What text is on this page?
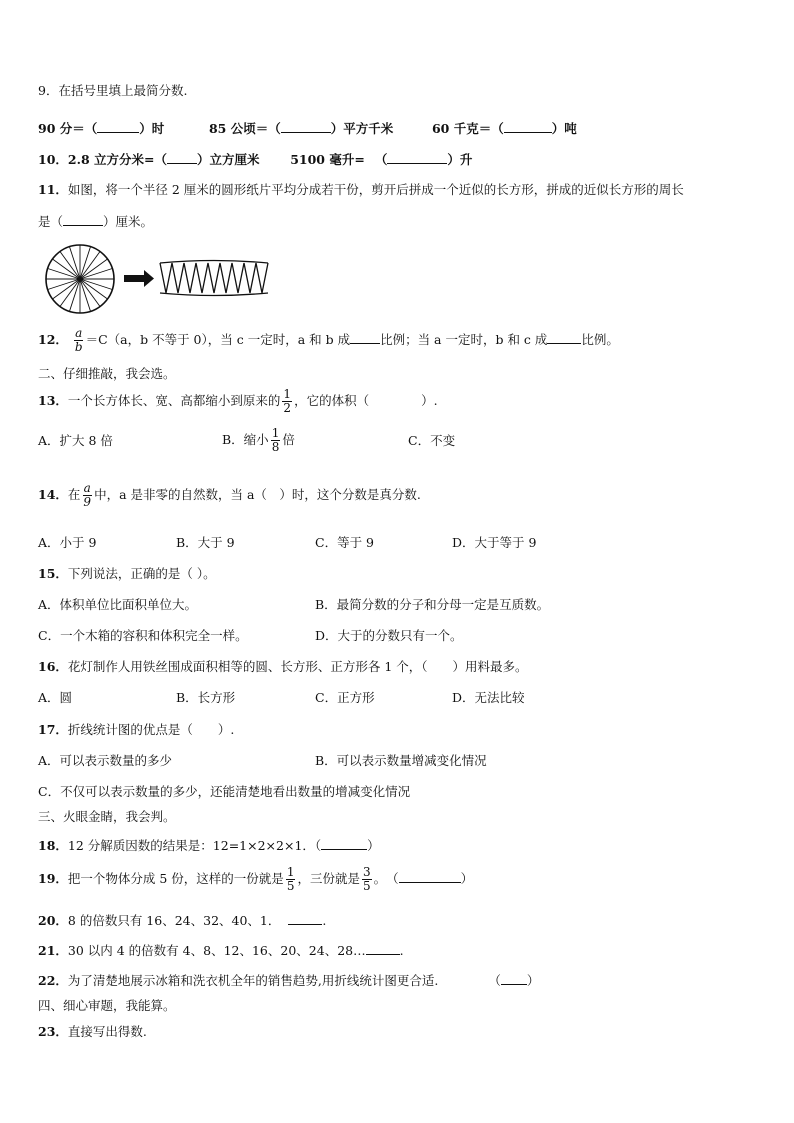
9．在括号里填上最简分数.
90 分＝（	）时	85 公顷＝（	）平方千米	60 千克＝（	）吨
10．2.8 立方分米=（ ）立方厘米 5100 毫升= （	）升
11．如图，将一个半径 2 厘米的圆形纸片平均分成若干份，剪开后拼成一个近似的长方形，拼成的近似长方形的周长
是（	）厘米。
12． $\frac{a}{b} =C(a$，b 不等于 0），当 c 一定时，a 和 b 成 比例；当 a 一定时，b 和 c 成	比例。
二、仔细推敲，我会选。
13．一个长方体长、宽、高都缩小到原来的 $\frac{1}{2}$ ，它的体积（	）.
A．扩大 8 倍	B．缩小 $\frac{1}{8}$ 倍	C．不变
14．在 $\frac{a}{9}$ 中，a 是非零的自然数，当 a（　）时，这个分数是真分数.
A．小于 9	B．大于 9	C．等于 9	D．大于等于 9
15．下列说法，正确的是（ ）。
A．体积单位比面积单位大。	B．最简分数的分子和分母一定是互质数。
C．一个木箱的容积和体积完全一样。	D．大于的分数只有一个。
16．花灯制作人用铁丝围成面积相等的圆、长方形、正方形各 1 个，（　　）用料最多。
A．圆	B．长方形	C．正方形	D．无法比较
17．折线统计图的优点是（　　）.
A．可以表示数量的多少	B．可以表示数量增减变化情况
C．不仅可以表示数量的多少，还能清楚地看出数量的增减变化情况
三、火眼金睛，我会判。
18．12 分解质因数的结果是：12=1×2×2×1．（	）
19．把一个物体分成 5 份，这样的一份就是 $\frac{1}{5}$ ，三份就是 $\frac{3}{5}$ 。　（	）
20．8 的倍数只有 16、24、32、40、1．	.
21．30 以内 4 的倍数有 4、8、12、16、20、24、28…	.
22．为了清楚地展示冰箱和洗衣机全年的销售趋势,用折线统计图更合适.	（ ）
四、细心审题，我能算。
23．直接写出得数.
